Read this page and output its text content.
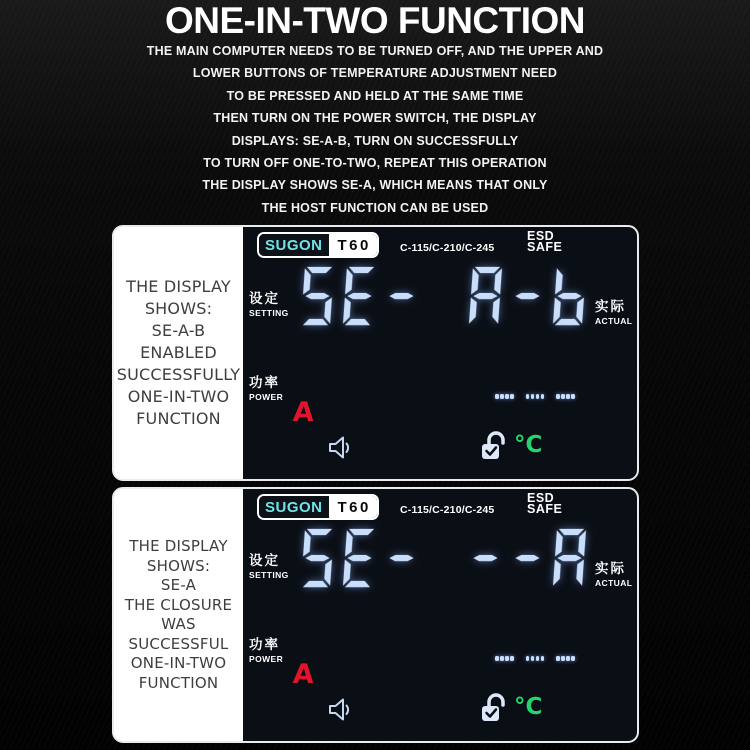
ONE-IN-TWO FUNCTION
THE MAIN COMPUTER NEEDS TO BE TURNED OFF, AND THE UPPER AND
LOWER BUTTONS OF TEMPERATURE ADJUSTMENT NEED
TO BE PRESSED AND HELD AT THE SAME TIME
THEN TURN ON THE POWER SWITCH, THE DISPLAY
DISPLAYS: SE-A-B, TURN ON SUCCESSFULLY
TO TURN OFF ONE-TO-TWO, REPEAT THIS OPERATION
THE DISPLAY SHOWS SE-A, WHICH MEANS THAT ONLY
THE HOST FUNCTION CAN BE USED
THE DISPLAY
SHOWS:
SE-A-B
ENABLED
SUCCESSFULLY
ONE-IN-TWO
FUNCTION
SUGON	T60	C-115/C-210/C-245
ESD
SAFE
设定
SETTING	实际
ACTUAL
功率
POWER A
°C
THE DISPLAY
SHOWS:
SE-A
THE CLOSURE
WAS SUCCESSFUL
ONE-IN-TWO
FUNCTION
SUGON	T60	C-115/C-210/C-245
ESD
SAFE
设定
SETTING	实际
ACTUAL
功率
POWER A
°C
